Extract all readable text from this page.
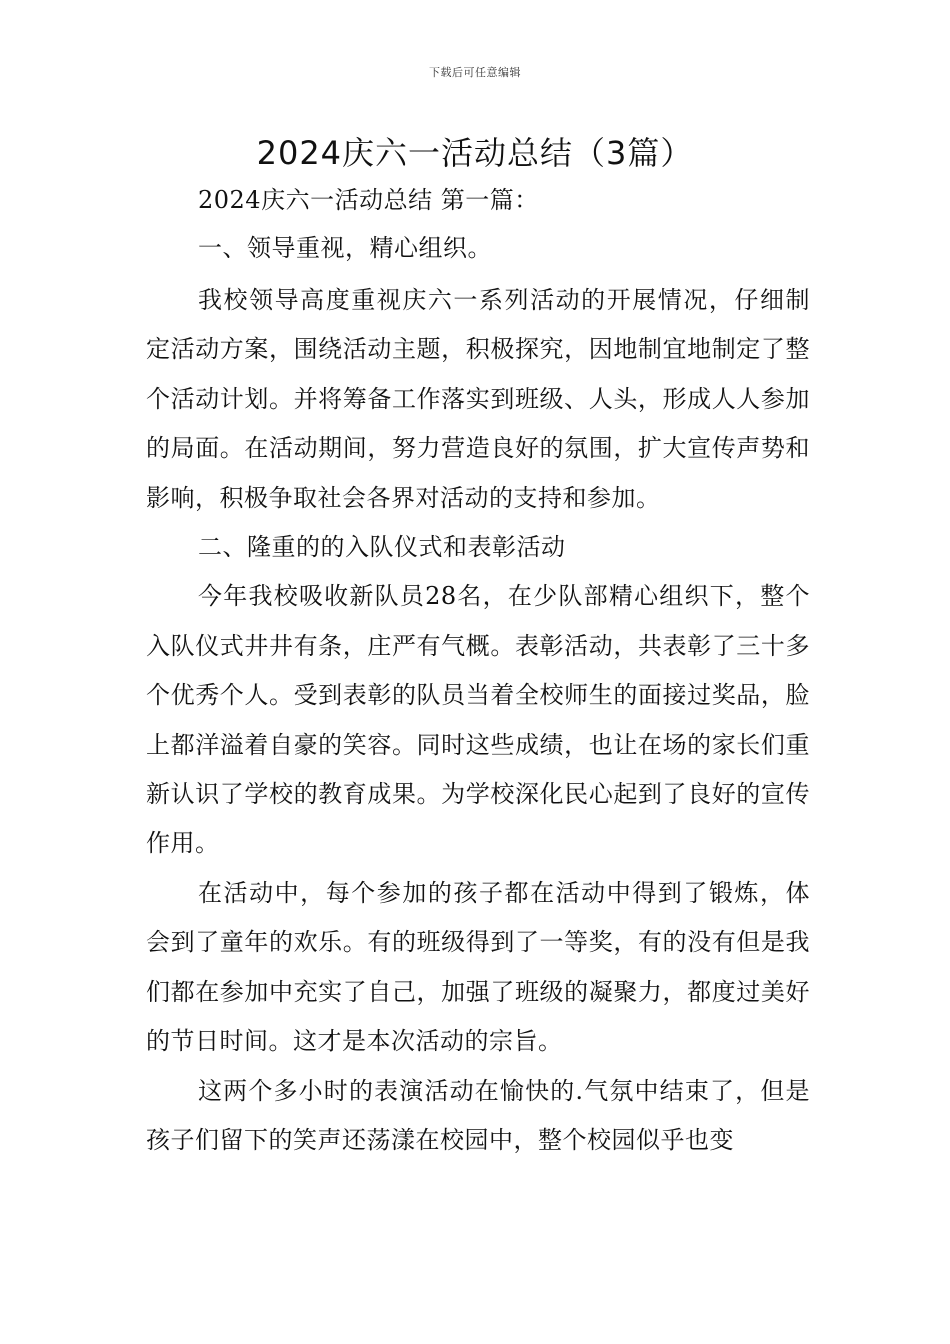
下载后可任意编辑
2024庆六一活动总结（3篇）
2024庆六一活动总结 第一篇：
一、领导重视，精心组织。

我校领导高度重视庆六一系列活动的开展情况，仔细制定活动方案，围绕活动主题，积极探究，因地制宜地制定了整个活动计划。并将筹备工作落实到班级、人头，形成人人参加的局面。在活动期间，努力营造良好的氛围，扩大宣传声势和影响，积极争取社会各界对活动的支持和参加。

二、隆重的的入队仪式和表彰活动

今年我校吸收新队员28名，在少队部精心组织下，整个入队仪式井井有条，庄严有气概。表彰活动，共表彰了三十多个优秀个人。受到表彰的队员当着全校师生的面接过奖品，脸上都洋溢着自豪的笑容。同时这些成绩，也让在场的家长们重新认识了学校的教育成果。为学校深化民心起到了良好的宣传作用。

在活动中，每个参加的孩子都在活动中得到了锻炼，体会到了童年的欢乐。有的班级得到了一等奖，有的没有但是我们都在参加中充实了自己，加强了班级的凝聚力，都度过美好的节日时间。这才是本次活动的宗旨。

这两个多小时的表演活动在愉快的.气氛中结束了，但是孩子们留下的笑声还荡漾在校园中，整个校园似乎也变
